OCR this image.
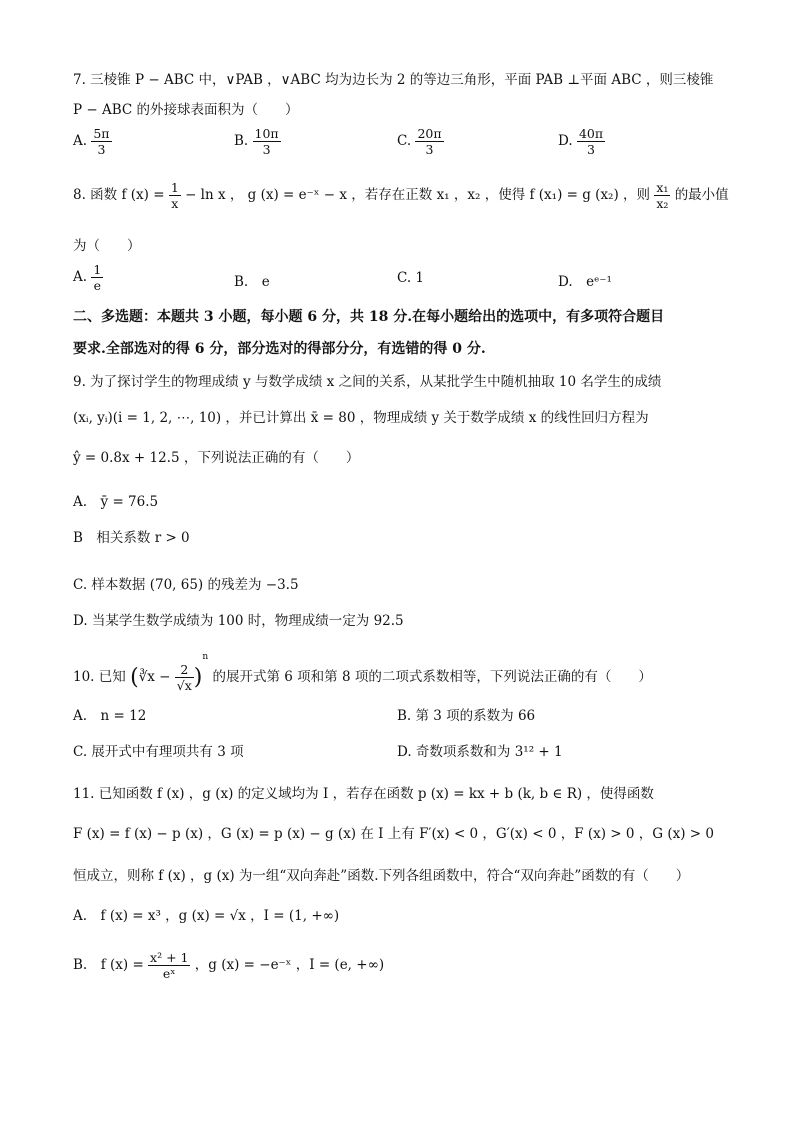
7. 三棱锥 P − ABC 中，∨PAB ，∨ABC 均为边长为 2 的等边三角形，平面 PAB ⊥平面 ABC ，则三棱锥
P − ABC 的外接球表面积为（　　）
A. $\frac{5\pi}{3}$	B. $\frac{10\pi}{3}$	C. $\frac{20\pi}{3}$	D. $\frac{40\pi}{3}$
8. 函数 f $(x) = \frac{1}{x} - \ln x$ ， g (x) = e⁻ˣ − x ，若存在正数 x₁ ，x₂ ，使得 f (x₁) = g (x₂) ，则 $\frac{\text{x₁}}{\text{x₂}}$ 的最小值
为（　　）
A. $\frac{1}{e}$	B.　e	C. 1	D.　eᵉ⁻¹
二、多选题：本题共 3 小题，每小题 6 分，共 18 分.在每小题给出的选项中，有多项符合题目
要求.全部选对的得 6 分，部分选对的得部分分，有选错的得 0 分.
9. 为了探讨学生的物理成绩 y 与数学成绩 x 之间的关系，从某批学生中随机抽取 10 名学生的成绩
(xᵢ, yᵢ)(i = 1, 2, ⋯, 10) ，并已计算出 x̄ = 80 ，物理成绩 y 关于数学成绩 x 的线性回归方程为
ŷ = 0.8x + 12.5 ，下列说法正确的有（　　）
A.　ȳ = 76.5
B　相关系数 r > 0
C. 样本数据 (70, 65) 的残差为 −3.5
D. 当某学生数学成绩为 100 时，物理成绩一定为 92.5
10. 已知 (∛x − $\frac{2}{√x} )^n$ 的展开式第 6 项和第 8 项的二项式系数相等，下列说法正确的有（　　）
A.　n = 12	B. 第 3 项的系数为 66
C. 展开式中有理项共有 3 项	D. 奇数项系数和为 3¹² + 1
11. 已知函数 f (x) ，g (x) 的定义域均为 I ，若存在函数 p (x) = kx + b (k, b ∈ R) ，使得函数
F (x) = f (x) − p (x) ，G (x) = p (x) − g (x) 在 I 上有 F′(x) < 0 ，G′(x) < 0 ，F (x) > 0 ，G (x) > 0
恒成立，则称 f (x) ，g (x) 为一组“双向奔赴”函数.下列各组函数中，符合“双向奔赴”函数的有（　　）
A.　f (x) = x³ ，g (x) = √x ，I = (1, +∞)
B.　f $(x) = \frac{\text{x² + 1}}{\text{eˣ}}$ ，g (x) = −e⁻ˣ ，I = (e, +∞)
